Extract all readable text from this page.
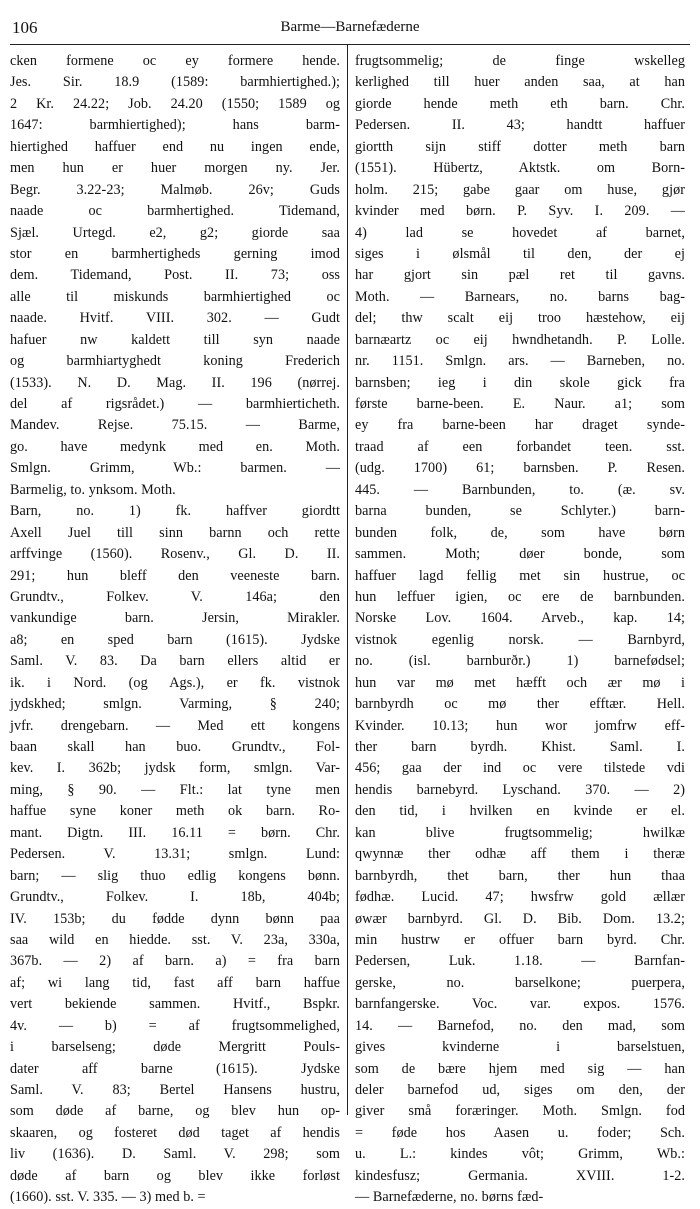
106	Barme—Barnefæderne
cken formene oc ey formere hende.
Jes. Sir. 18.9 (1589: barmhiertighed.);
2 Kr. 24.22; Job. 24.20 (1550; 1589 og
1647: barmhiertighed); hans barm-
hiertighed haffuer end nu ingen ende,
men hun er huer morgen ny. Jer.
Begr. 3.22-23; Malmøb. 26v; Guds
naade oc barmhertighed. Tidemand,
Sjæl. Urtegd. e2, g2; giorde saa
stor en barmhertigheds gerning imod
dem. Tidemand, Post. II. 73; oss
alle til miskunds barmhiertighed oc
naade. Hvitf. VIII. 302. — Gudt
hafuer nw kaldett till syn naade
og barmhiartyghedt koning Frederich
(1533). N. D. Mag. II. 196 (nørrej.
del af rigsrådet.) — barmhierticheth.
Mandev. Rejse. 75.15. — Barme,
go. have medynk med en. Moth.
Smlgn. Grimm, Wb.: barmen. —
Barmelig, to. ynksom. Moth.
Barn, no. 1) fk. haffver giordtt
Axell Juel till sinn barnn och rette
arffvinge (1560). Rosenv., Gl. D. II.
291; hun bleff den veeneste barn.
Grundtv., Folkev. V. 146a; den
vankundige barn. Jersin, Mirakler.
a8; en sped barn (1615). Jydske
Saml. V. 83. Da barn ellers altid er
ik. i Nord. (og Ags.), er fk. vistnok
jydskhed; smlgn. Varming, § 240;
jvfr. drengebarn. — Med ett kongens
baan skall han buo. Grundtv., Fol-
kev. I. 362b; jydsk form, smlgn. Var-
ming, § 90. — Flt.: lat tyne men
haffue syne koner meth ok barn. Ro-
mant. Digtn. III. 16.11 = børn. Chr.
Pedersen. V. 13.31; smlgn. Lund:
barn; — slig thuo edlig kongens bønn.
Grundtv., Folkev. I. 18b, 404b;
IV. 153b; du fødde dynn bønn paa
saa wild en hiedde. sst. V. 23a, 330a,
367b. — 2) af barn. a) = fra barn
af; wi lang tid, fast aff barn haffue
vert bekiende sammen. Hvitf., Bspkr.
4v. — b) = af frugtsommelighed,
i barselseng; døde Mergritt Pouls-
dater aff barne (1615). Jydske
Saml. V. 83; Bertel Hansens hustru,
som døde af barne, og blev hun op-
skaaren, og fosteret død taget af hendis
liv (1636). D. Saml. V. 298; som
døde af barn og blev ikke forløst
(1660). sst. V. 335. — 3) med b. =
frugtsommelig; de finge wskelleg
kerlighed till huer anden saa, at han
giorde hende meth eth barn. Chr.
Pedersen. II. 43; handtt haffuer
giortth sijn stiff dotter meth barn
(1551). Hübertz, Aktstk. om Born-
holm. 215; gabe gaar om huse, gjør
kvinder med børn. P. Syv. I. 209. —
4) lad se hovedet af barnet,
siges i ølsmål til den, der ej
har gjort sin pæl ret til gavns.
Moth. — Barnears, no. barns bag-
del; thw scalt eij troo hæstehow, eij
barnæartz oc eij hwndhetandh. P. Lolle.
nr. 1151. Smlgn. ars. — Barneben, no.
barnsben; ieg i din skole gick fra
første barne-been. E. Naur. a1; som
ey fra barne-been har draget synde-
traad af een forbandet teen. sst.
(udg. 1700) 61; barnsben. P. Resen.
445. — Barnbunden, to. (æ. sv.
barna bunden, se Schlyter.) barn-
bunden folk, de, som have børn
sammen. Moth; døer bonde, som
haffuer lagd fellig met sin hustrue, oc
hun leffuer igien, oc ere de barnbunden.
Norske Lov. 1604. Arveb., kap. 14;
vistnok egenlig norsk. — Barnbyrd,
no. (isl. barnburðr.) 1) barnefødsel;
hun var mø met hæfft och ær mø i
barnbyrdh oc mø ther efftær. Hell.
Kvinder. 10.13; hun wor jomfrw eff-
ther barn byrdh. Khist. Saml. I.
456; gaa der ind oc vere tilstede vdi
hendis barnebyrd. Lyschand. 370. — 2)
den tid, i hvilken en kvinde er el.
kan blive frugtsommelig; hwilkæ
qwynnæ ther odhæ aff them i theræ
barnbyrdh, thet barn, ther hun thaa
fødhæ. Lucid. 47; hwsfrw gold ællær
øwær barnbyrd. Gl. D. Bib. Dom. 13.2;
min hustrw er offuer barn byrd. Chr.
Pedersen, Luk. 1.18. — Barnfan-
gerske, no. barselkone; puerpera,
barnfangerske. Voc. var. expos. 1576.
14. — Barnefod, no. den mad, som
gives kvinderne i barselstuen,
som de bære hjem med sig — han
deler barnefod ud, siges om den, der
giver små foræringer. Moth. Smlgn. fod
= føde hos Aasen u. foder; Sch.
u. L.: kindes vôt; Grimm, Wb.:
kindesfusz; Germania. XVIII. 1-2.
— Barnefæderne, no. børns fæd-
